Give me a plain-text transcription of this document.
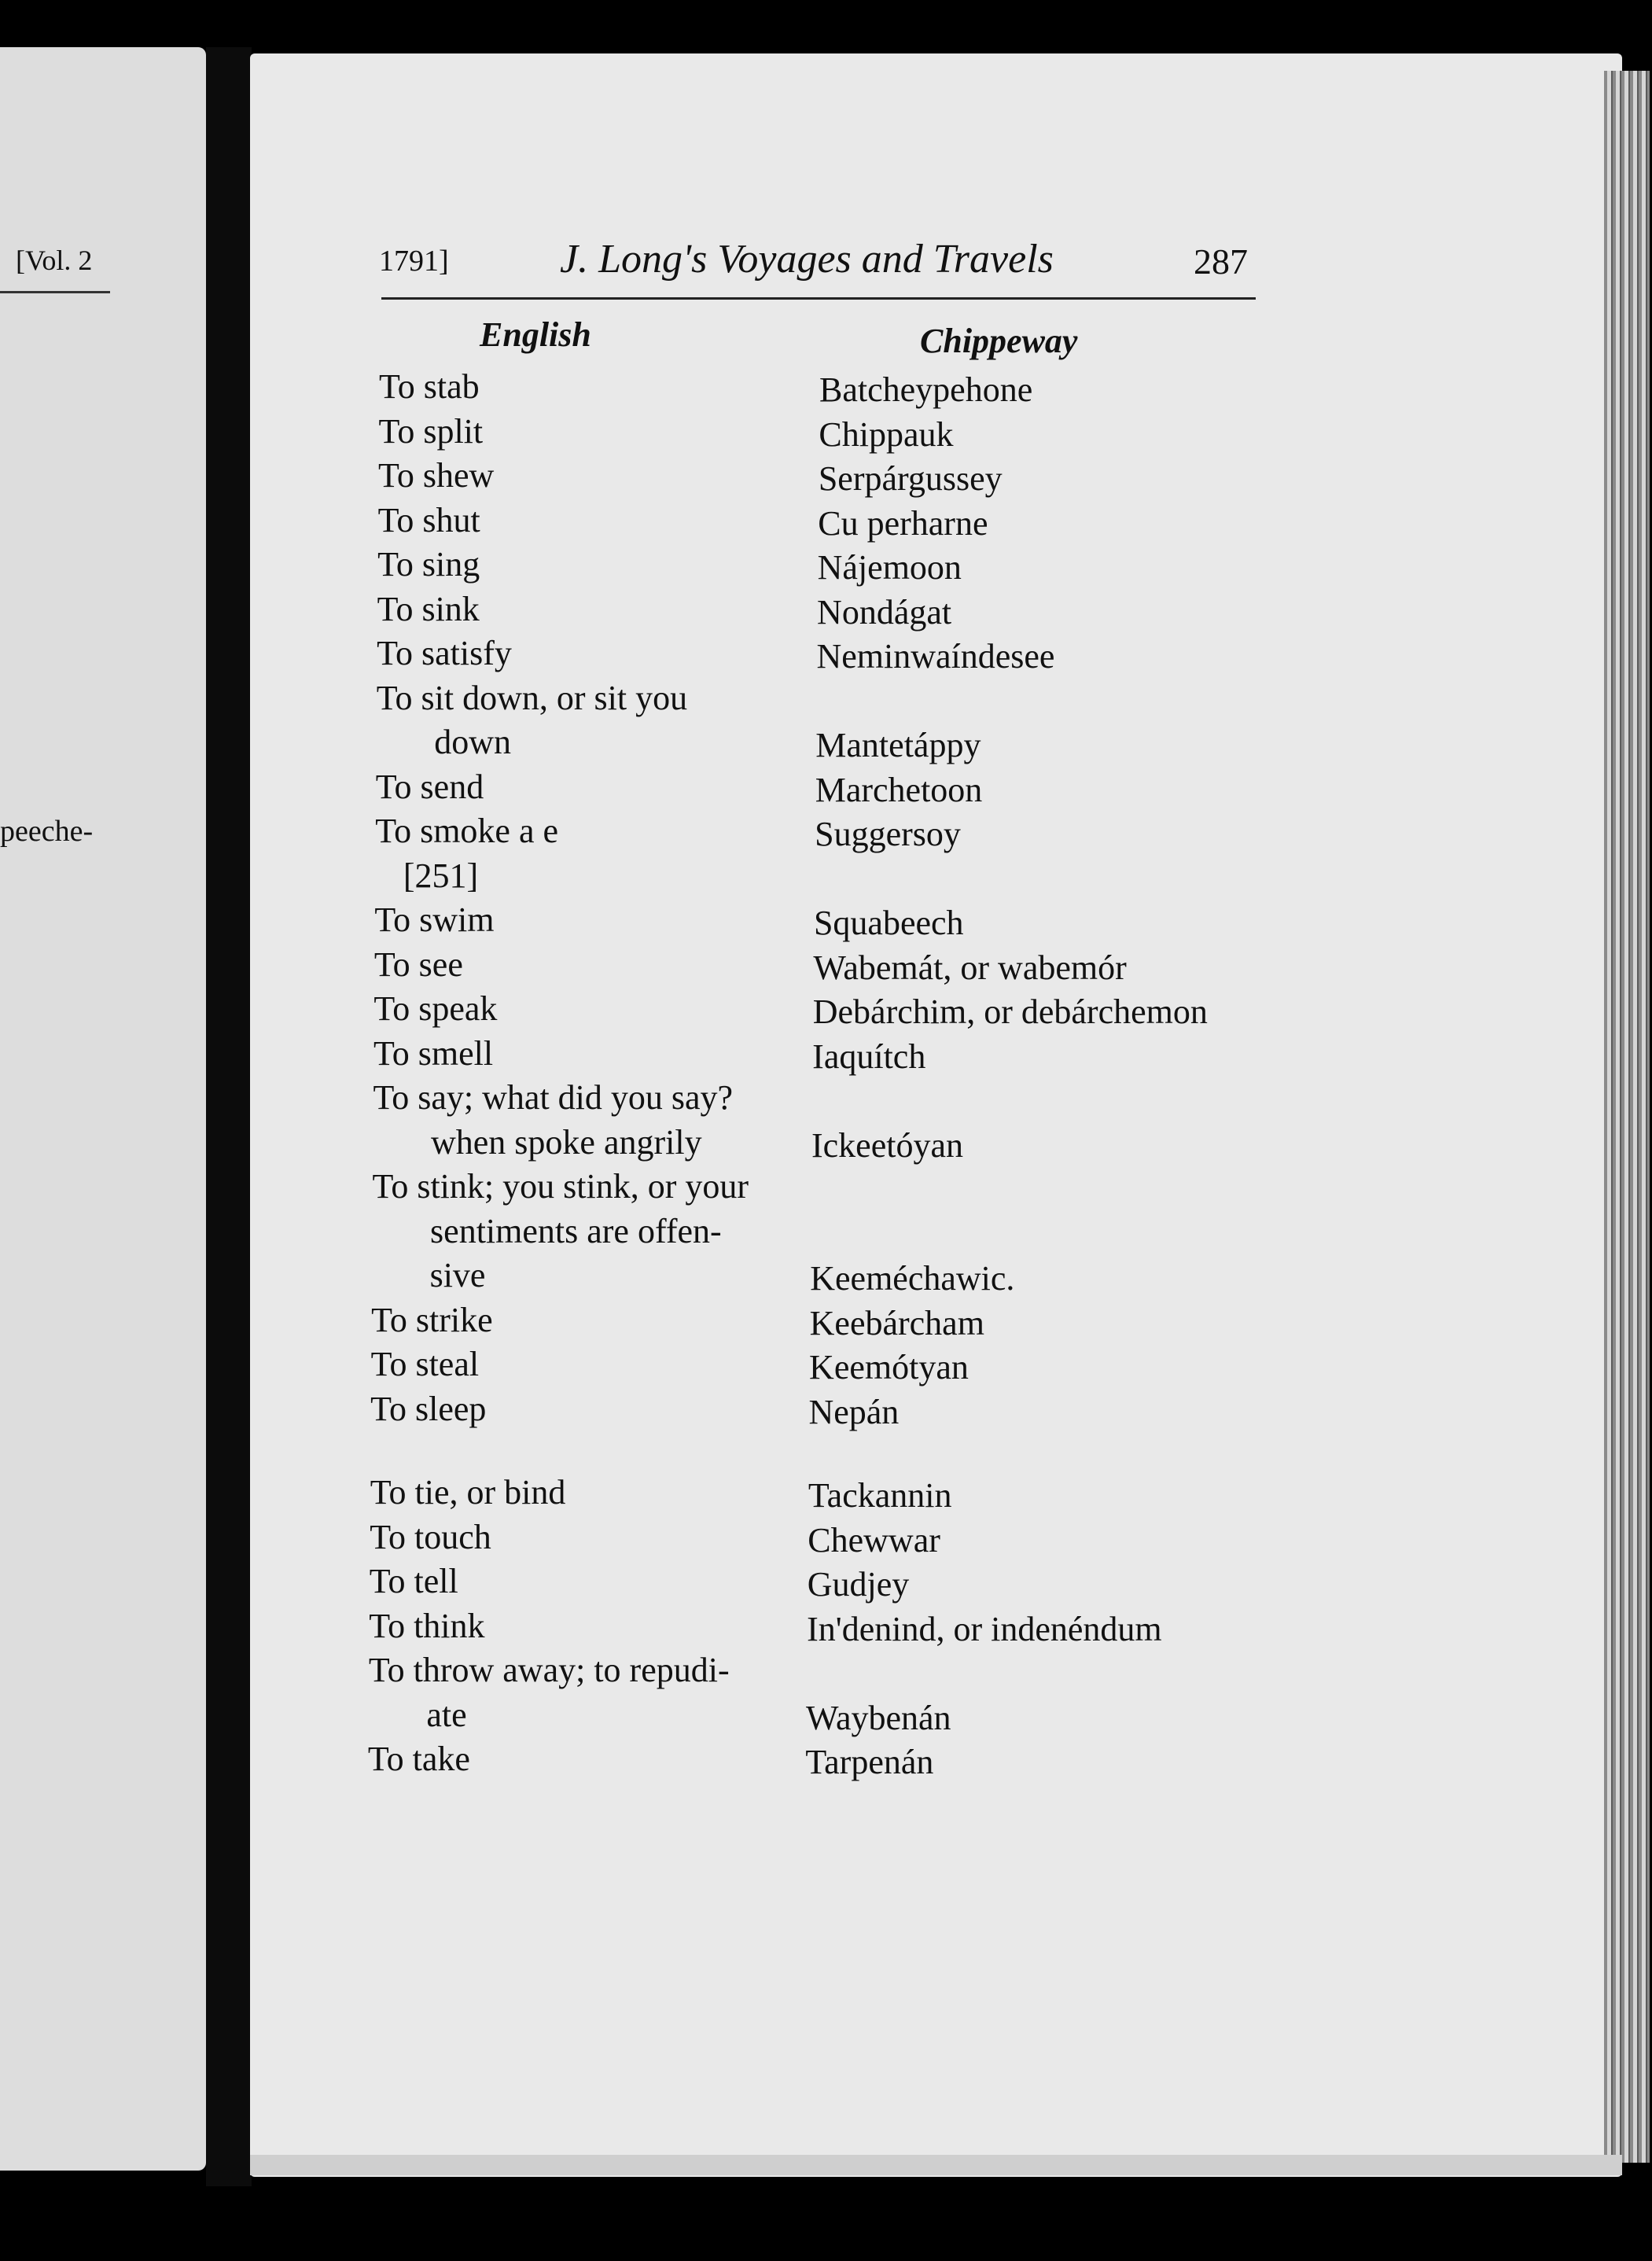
[Vol. 2
peeche-
1791]	J. Long's Voyages and Travels	287
English	Chippeway
To stab	Batcheypehone
To split	Chippauk
To shew	Serpárgussey
To shut	Cu perharne
To sing	Nájemoon
To sink	Nondágat
To satisfy	Neminwaíndesee
To sit down, or sit you
down	Mantetáppy
To send	Marchetoon
To smoke a e	Suggersoy
[251]
To swim	Squabeech
To see	Wabemát, or wabemór
To speak	Debárchim, or debárchemon
To smell	Iaquítch
To say; what did you say?
when spoke angrily	Ickeetóyan
To stink; you stink, or your
sentiments are offen-
sive	Keeméchawic.
To strike	Keebárcham
To steal	Keemótyan
To sleep	Nepán
To tie, or bind	Tackannin
To touch	Chewwar
To tell	Gudjey
To think	In'denind, or indenéndum
To throw away; to repudi-
ate	Waybenán
To take	Tarpenán
